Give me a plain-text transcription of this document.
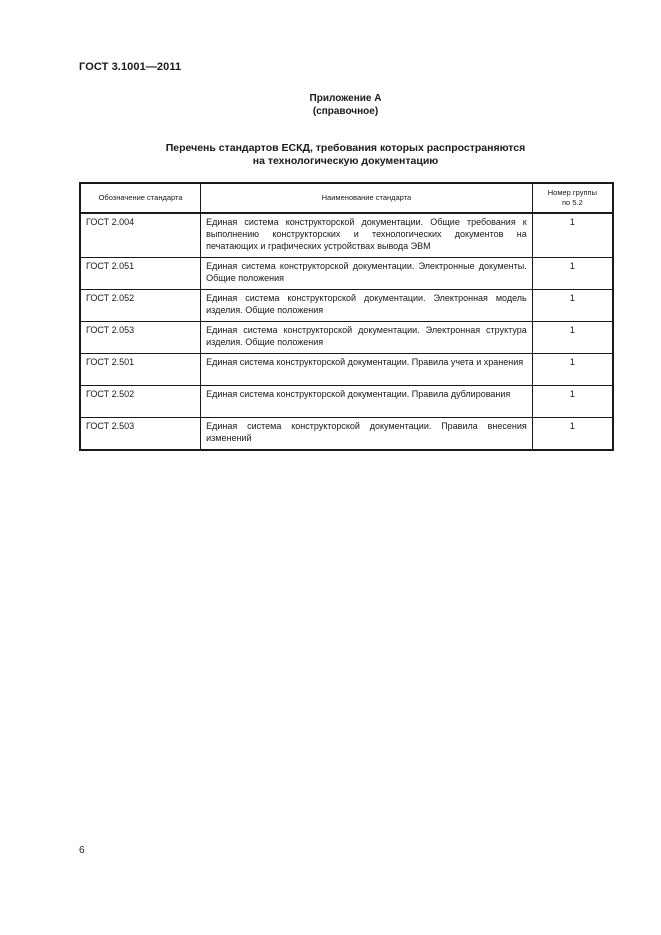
ГОСТ 3.1001—2011
Приложение А
(справочное)
Перечень стандартов ЕСКД, требования которых распространяются
на технологическую документацию
Обозначение стандарта	Наименование стандарта	Номер группы
по 5.2

ГОСТ 2.004	Единая система конструкторской документации. Общие требования к выполнению конструкторских и технологических документов на печатающих и графических устройствах вывода ЭВМ	1
ГОСТ 2.051	Единая система конструкторской документации. Электронные документы. Общие положения	1
ГОСТ 2.052	Единая система конструкторской документации. Электронная модель изделия. Общие положения	1
ГОСТ 2.053	Единая система конструкторской документации. Электронная структура изделия. Общие положения	1
ГОСТ 2.501	Единая система конструкторской документации. Правила учета и хранения	1
ГОСТ 2.502	Единая система конструкторской документации. Правила дублирования	1
ГОСТ 2.503	Единая система конструкторской документации. Правила внесения изменений	1
6
